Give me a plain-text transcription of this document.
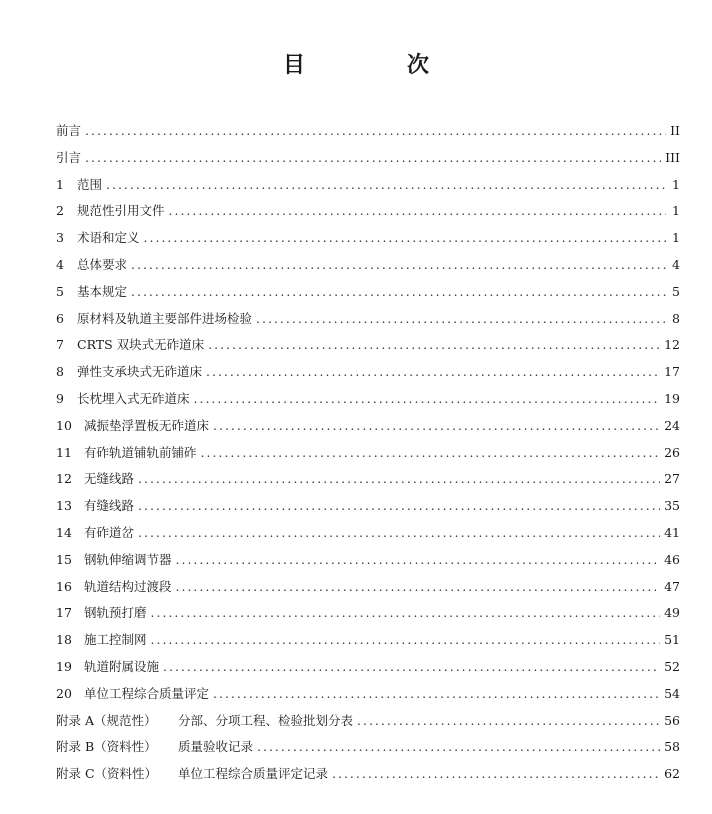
目　次
前言 .....	II
引言 .....	III
1	范围 .....	1
2	规范性引用文件 .....	1
3	术语和定义 .....	1
4	总体要求 .....	4
5	基本规定 .....	5
6	原材料及轨道主要部件进场检验 .....	8
7	CRTS 双块式无砟道床 .....	12
8	弹性支承块式无砟道床 .....	17
9	长枕埋入式无砟道床 .....	19
10 减振垫浮置板无砟道床 .....	24
11 有砟轨道铺轨前铺砟 .....	26
12 无缝线路 .....	27
13 有缝线路 .....	35
14 有砟道岔 .....	41
15 钢轨伸缩调节器 .....	46
16 轨道结构过渡段 .....	47
17 钢轨预打磨 .....	49
18 施工控制网 .....	51
19 轨道附属设施 .....	52
20 单位工程综合质量评定 .....	54
附录 A（规范性）	分部、分项工程、检验批划分表 .....	56
附录 B（资料性）	质量验收记录 .....	58
附录 C（资料性）	单位工程综合质量评定记录 .....	62
